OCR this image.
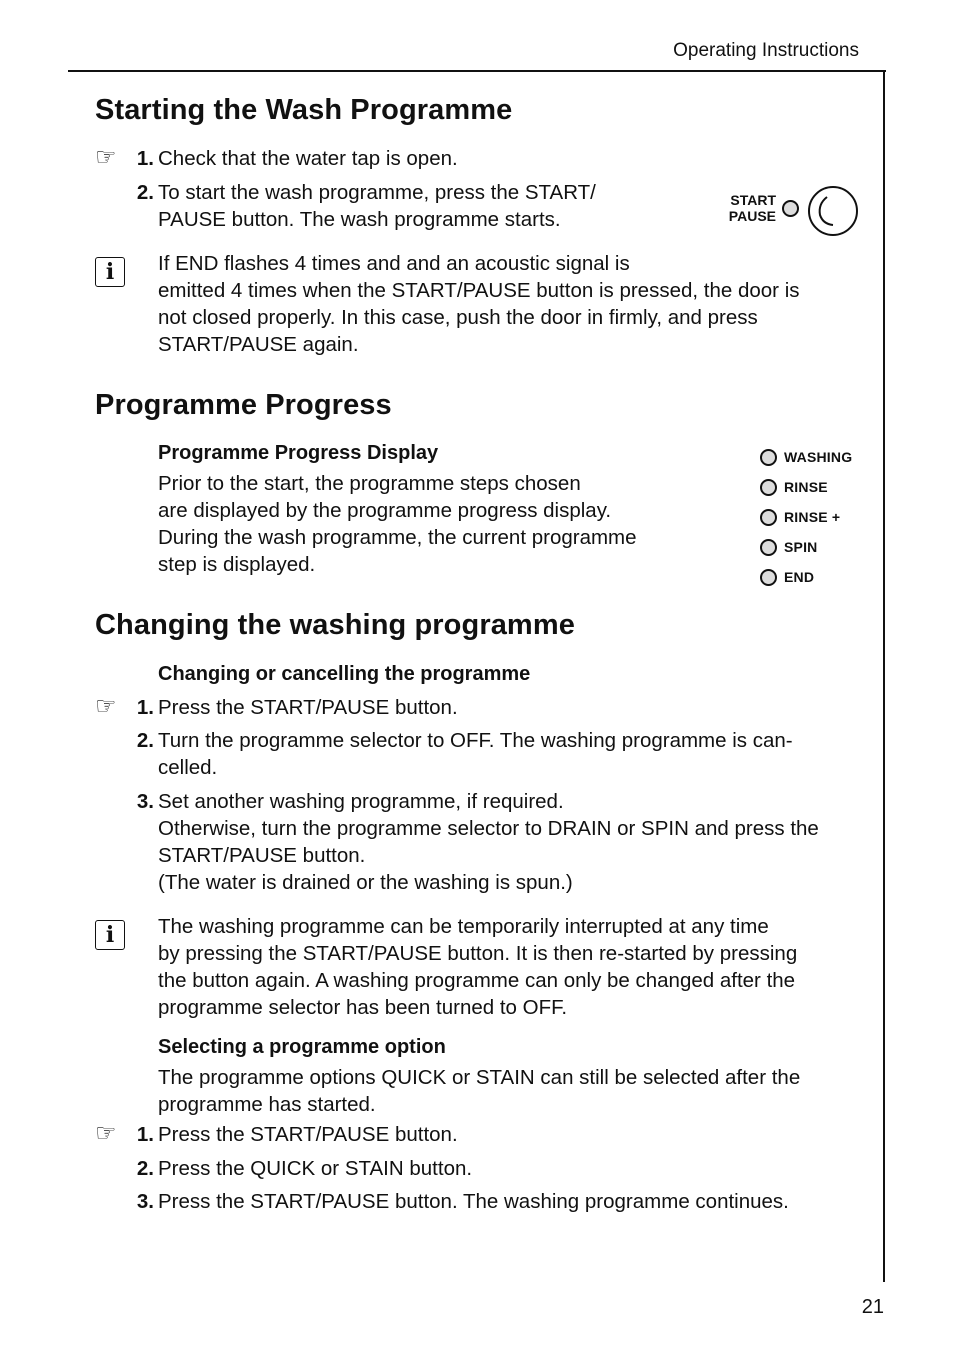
Operating Instructions
21
Starting the Wash Programme
☞ 1. Check that the water tap is open.
2. To start the wash programme, press the START/
PAUSE button. The wash programme starts.
START
PAUSE
i	If END flashes 4 times and and an acoustic signal is
emitted 4 times when the START/PAUSE button is pressed, the door is
not closed properly. In this case, push the door in firmly, and press
START/PAUSE again.
Programme Progress
Programme Progress Display
Prior to the start, the programme steps chosen
are displayed by the programme progress display.
During the wash programme, the current programme
step is displayed.
WASHING
RINSE
RINSE +
SPIN
END
Changing the washing programme
Changing or cancelling the programme
☞ 1. Press the START/PAUSE button.
2. Turn the programme selector to OFF. The washing programme is can-
celled.
3. Set another washing programme, if required.
Otherwise, turn the programme selector to DRAIN or SPIN and press the
START/PAUSE button.
(The water is drained or the washing is spun.)
i	The washing programme can be temporarily interrupted at any time
by pressing the START/PAUSE button. It is then re-started by pressing
the button again. A washing programme can only be changed after the
programme selector has been turned to OFF.
Selecting a programme option
The programme options QUICK or STAIN can still be selected after the
programme has started.
☞ 1. Press the START/PAUSE button.
2. Press the QUICK or STAIN button.
3. Press the START/PAUSE button. The washing programme continues.
